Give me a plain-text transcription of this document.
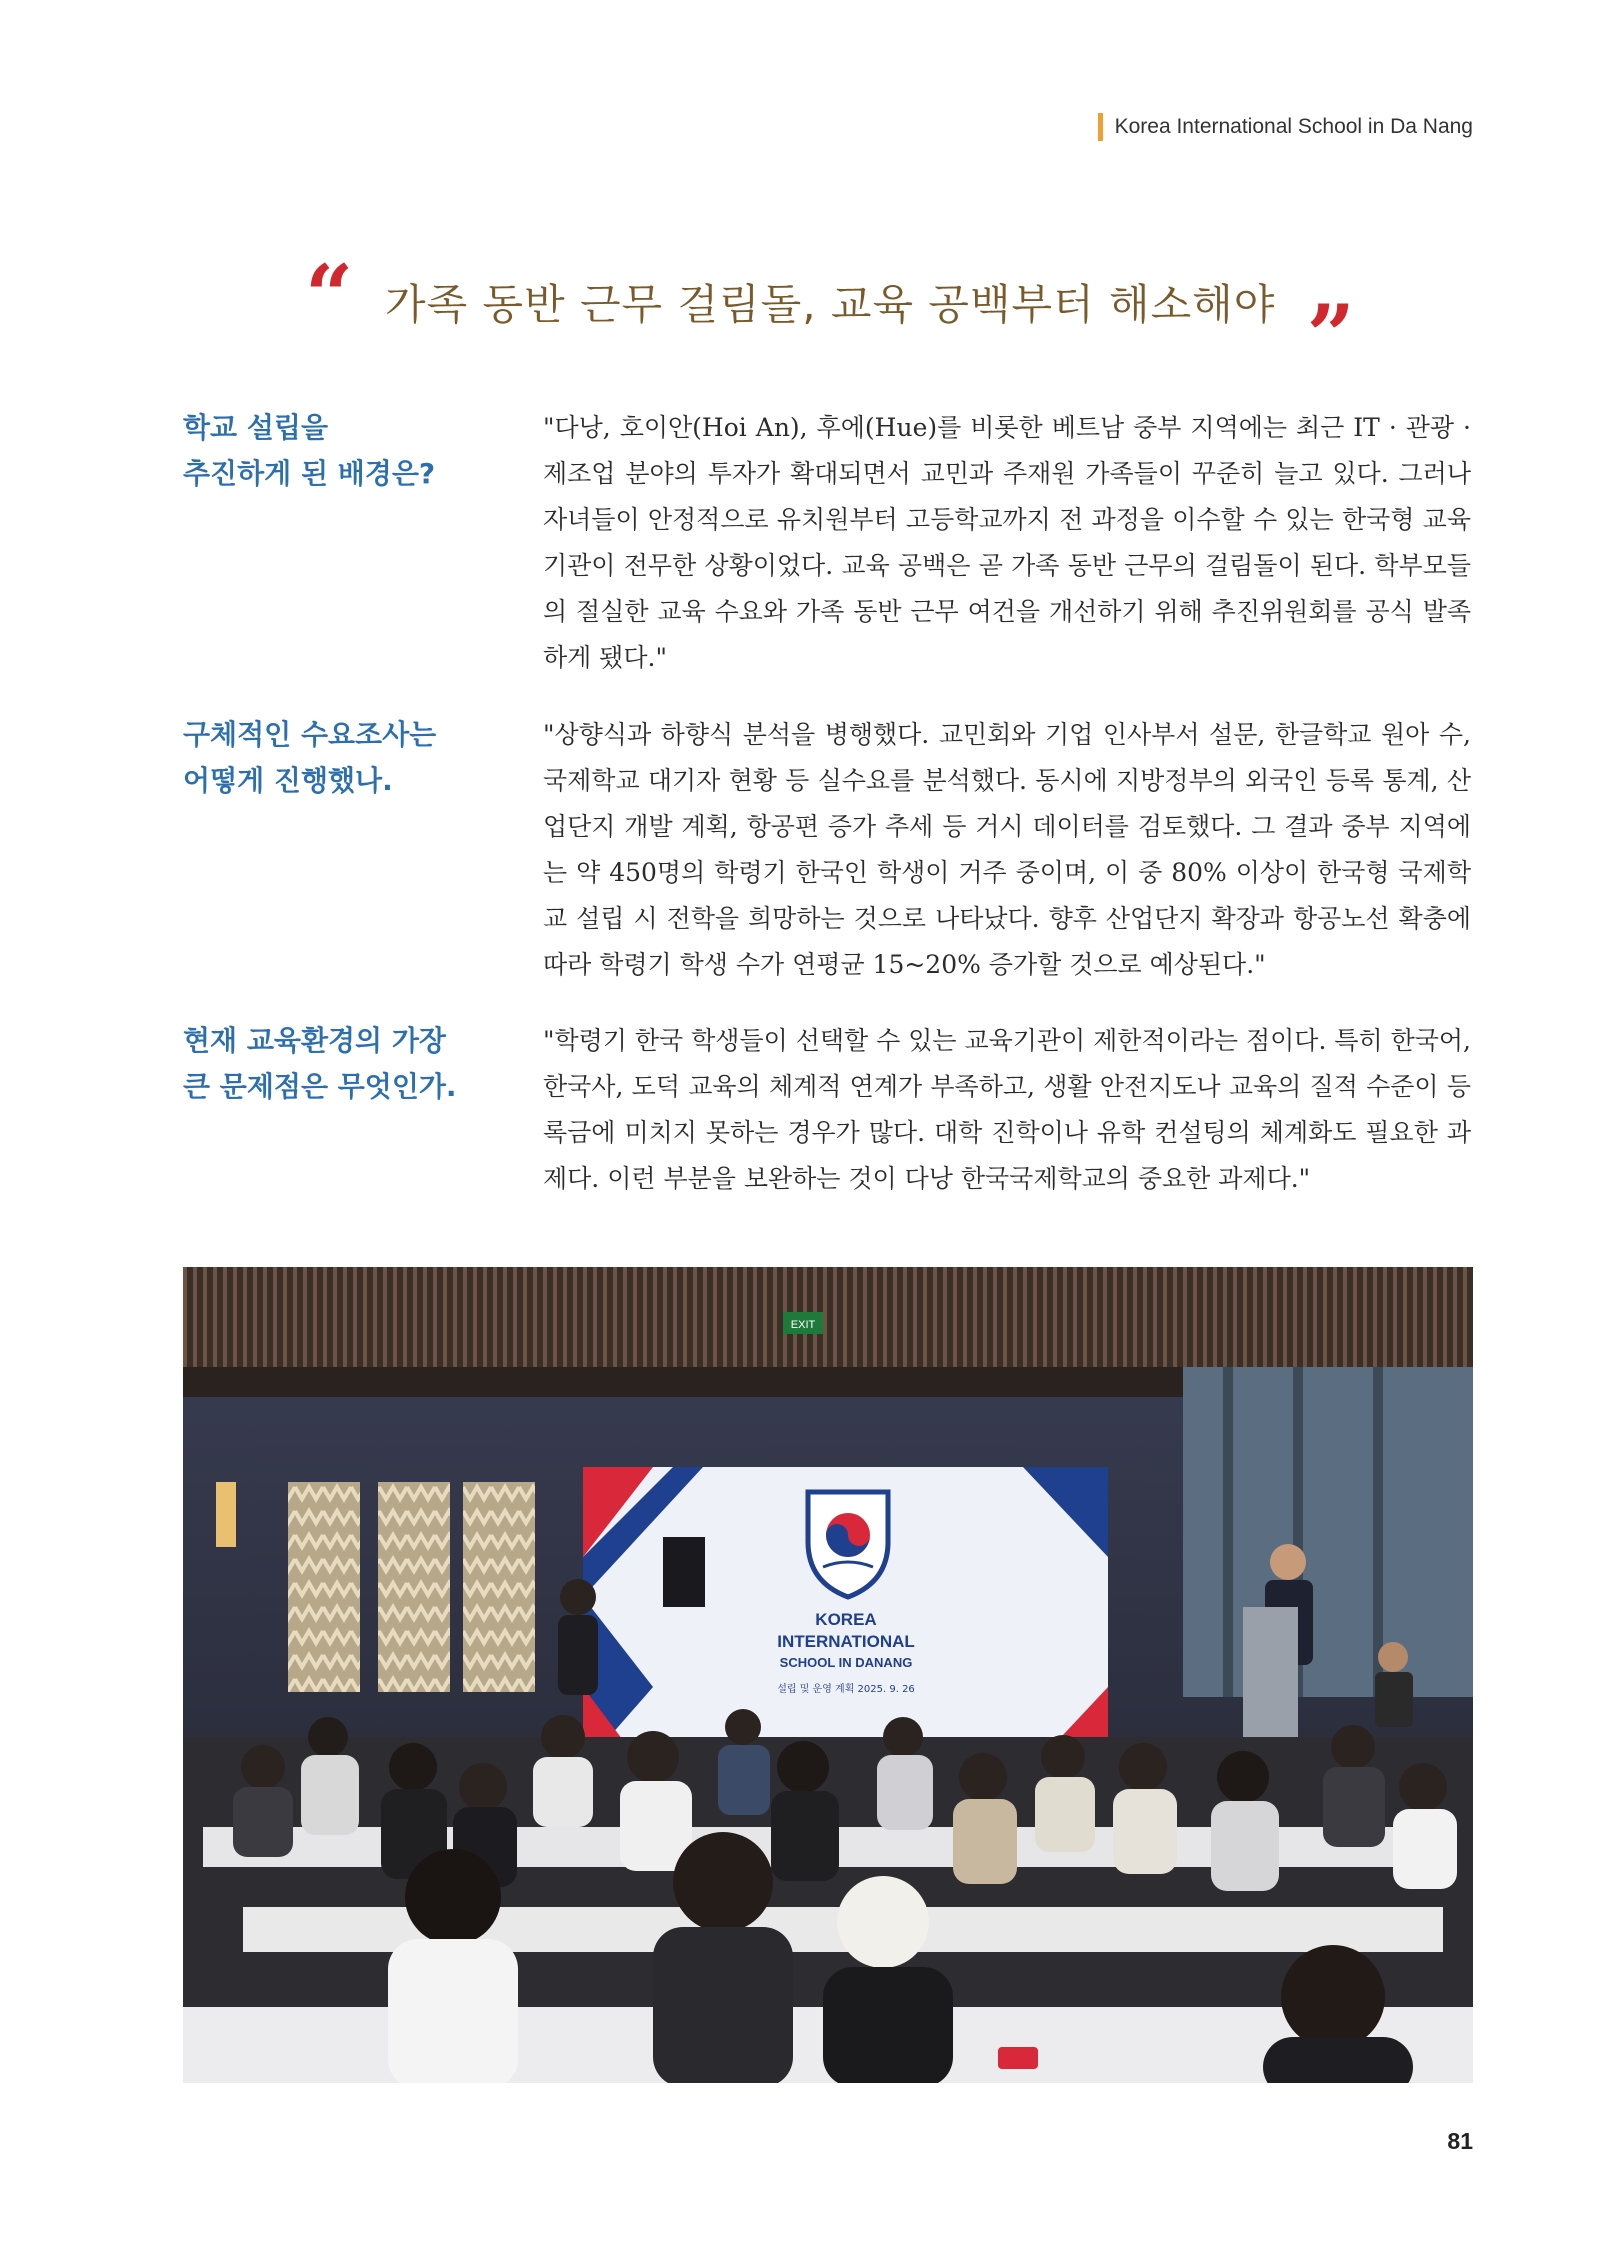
Korea International School in Da Nang
“ 가족 동반 근무 걸림돌, 교육 공백부터 해소해야 ”
학교 설립을
추진하게 된 배경은?
"다낭, 호이안(Hoi An), 후에(Hue)를 비롯한 베트남 중부 지역에는 최근 IT · 관광 · 제조업 분야의 투자가 확대되면서 교민과 주재원 가족들이 꾸준히 늘고 있다. 그러나 자녀들이 안정적으로 유치원부터 고등학교까지 전 과정을 이수할 수 있는 한국형 교육기관이 전무한 상황이었다. 교육 공백은 곧 가족 동반 근무의 걸림돌이 된다. 학부모들의 절실한 교육 수요와 가족 동반 근무 여건을 개선하기 위해 추진위원회를 공식 발족하게 됐다."
구체적인 수요조사는
어떻게 진행했나.
"상향식과 하향식 분석을 병행했다. 교민회와 기업 인사부서 설문, 한글학교 원아 수, 국제학교 대기자 현황 등 실수요를 분석했다. 동시에 지방정부의 외국인 등록 통계, 산업단지 개발 계획, 항공편 증가 추세 등 거시 데이터를 검토했다. 그 결과 중부 지역에는 약 450명의 학령기 한국인 학생이 거주 중이며, 이 중 80% 이상이 한국형 국제학교 설립 시 전학을 희망하는 것으로 나타났다. 향후 산업단지 확장과 항공노선 확충에 따라 학령기 학생 수가 연평균 15~20% 증가할 것으로 예상된다."
현재 교육환경의 가장
큰 문제점은 무엇인가.
"학령기 한국 학생들이 선택할 수 있는 교육기관이 제한적이라는 점이다. 특히 한국어, 한국사, 도덕 교육의 체계적 연계가 부족하고, 생활 안전지도나 교육의 질적 수준이 등록금에 미치지 못하는 경우가 많다. 대학 진학이나 유학 컨설팅의 체계화도 필요한 과제다. 이런 부분을 보완하는 것이 다낭 한국국제학교의 중요한 과제다."
EXIT
KOREA
INTERNATIONAL
SCHOOL IN DANANG
설립 및 운영 계획 2025. 9. 26
81
